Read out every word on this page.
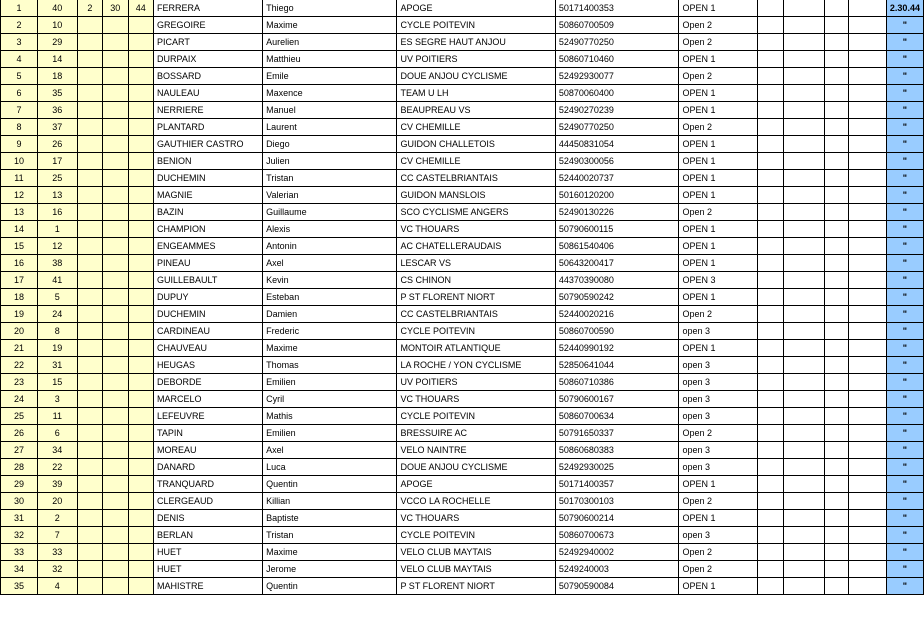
1	40	2	30	44	FERRERA	Thiego	APOGE	50171400353	OPEN 1					2.30.44
2	10				GREGOIRE	Maxime	CYCLE POITEVIN	50860700509	Open 2					"
3	29				PICART	Aurelien	ES SEGRE HAUT ANJOU	52490770250	Open 2					"
4	14				DURPAIX	Matthieu	UV POITIERS	50860710460	OPEN 1					"
5	18				BOSSARD	Emile	DOUE ANJOU CYCLISME	52492930077	Open 2					"
6	35				NAULEAU	Maxence	TEAM U LH	50870060400	OPEN 1					"
7	36				NERRIERE	Manuel	BEAUPREAU VS	52490270239	OPEN 1					"
8	37				PLANTARD	Laurent	CV CHEMILLE	52490770250	Open 2					"
9	26				GAUTHIER CASTRO	Diego	GUIDON CHALLETOIS	44450831054	OPEN 1					"
10	17				BENION	Julien	CV CHEMILLE	52490300056	OPEN 1					"
11	25				DUCHEMIN	Tristan	CC CASTELBRIANTAIS	52440020737	OPEN 1					"
12	13				MAGNIE	Valerian	GUIDON MANSLOIS	50160120200	OPEN 1					"
13	16				BAZIN	Guillaume	SCO CYCLISME ANGERS	52490130226	Open 2					"
14	1				CHAMPION	Alexis	VC THOUARS	50790600115	OPEN 1					"
15	12				ENGEAMMES	Antonin	AC CHATELLERAUDAIS	50861540406	OPEN 1					"
16	38				PINEAU	Axel	LESCAR VS	50643200417	OPEN 1					"
17	41				GUILLEBAULT	Kevin	CS CHINON	44370390080	OPEN 3					"
18	5				DUPUY	Esteban	P ST FLORENT NIORT	50790590242	OPEN 1					"
19	24				DUCHEMIN	Damien	CC CASTELBRIANTAIS	52440020216	Open 2					"
20	8				CARDINEAU	Frederic	CYCLE POITEVIN	50860700590	open 3					"
21	19				CHAUVEAU	Maxime	MONTOIR ATLANTIQUE	52440990192	OPEN 1					"
22	31				HEUGAS	Thomas	LA ROCHE / YON CYCLISME	52850641044	open 3					"
23	15				DEBORDE	Emilien	UV POITIERS	50860710386	open 3					"
24	3				MARCELO	Cyril	VC THOUARS	50790600167	open 3					"
25	11				LEFEUVRE	Mathis	CYCLE POITEVIN	50860700634	open 3					"
26	6				TAPIN	Emilien	BRESSUIRE AC	50791650337	Open 2					"
27	34				MOREAU	Axel	VELO NAINTRE	50860680383	open 3					"
28	22				DANARD	Luca	DOUE ANJOU CYCLISME	52492930025	open 3					"
29	39				TRANQUARD	Quentin	APOGE	50171400357	OPEN 1					"
30	20				CLERGEAUD	Killian	VCCO LA ROCHELLE	50170300103	Open 2					"
31	2				DENIS	Baptiste	VC THOUARS	50790600214	OPEN 1					"
32	7				BERLAN	Tristan	CYCLE POITEVIN	50860700673	open 3					"
33	33				HUET	Maxime	VELO CLUB MAYTAIS	52492940002	Open 2					"
34	32				HUET	Jerome	VELO CLUB MAYTAIS	5249240003	Open 2					"
35	4				MAHISTRE	Quentin	P ST FLORENT NIORT	50790590084	OPEN 1					"
